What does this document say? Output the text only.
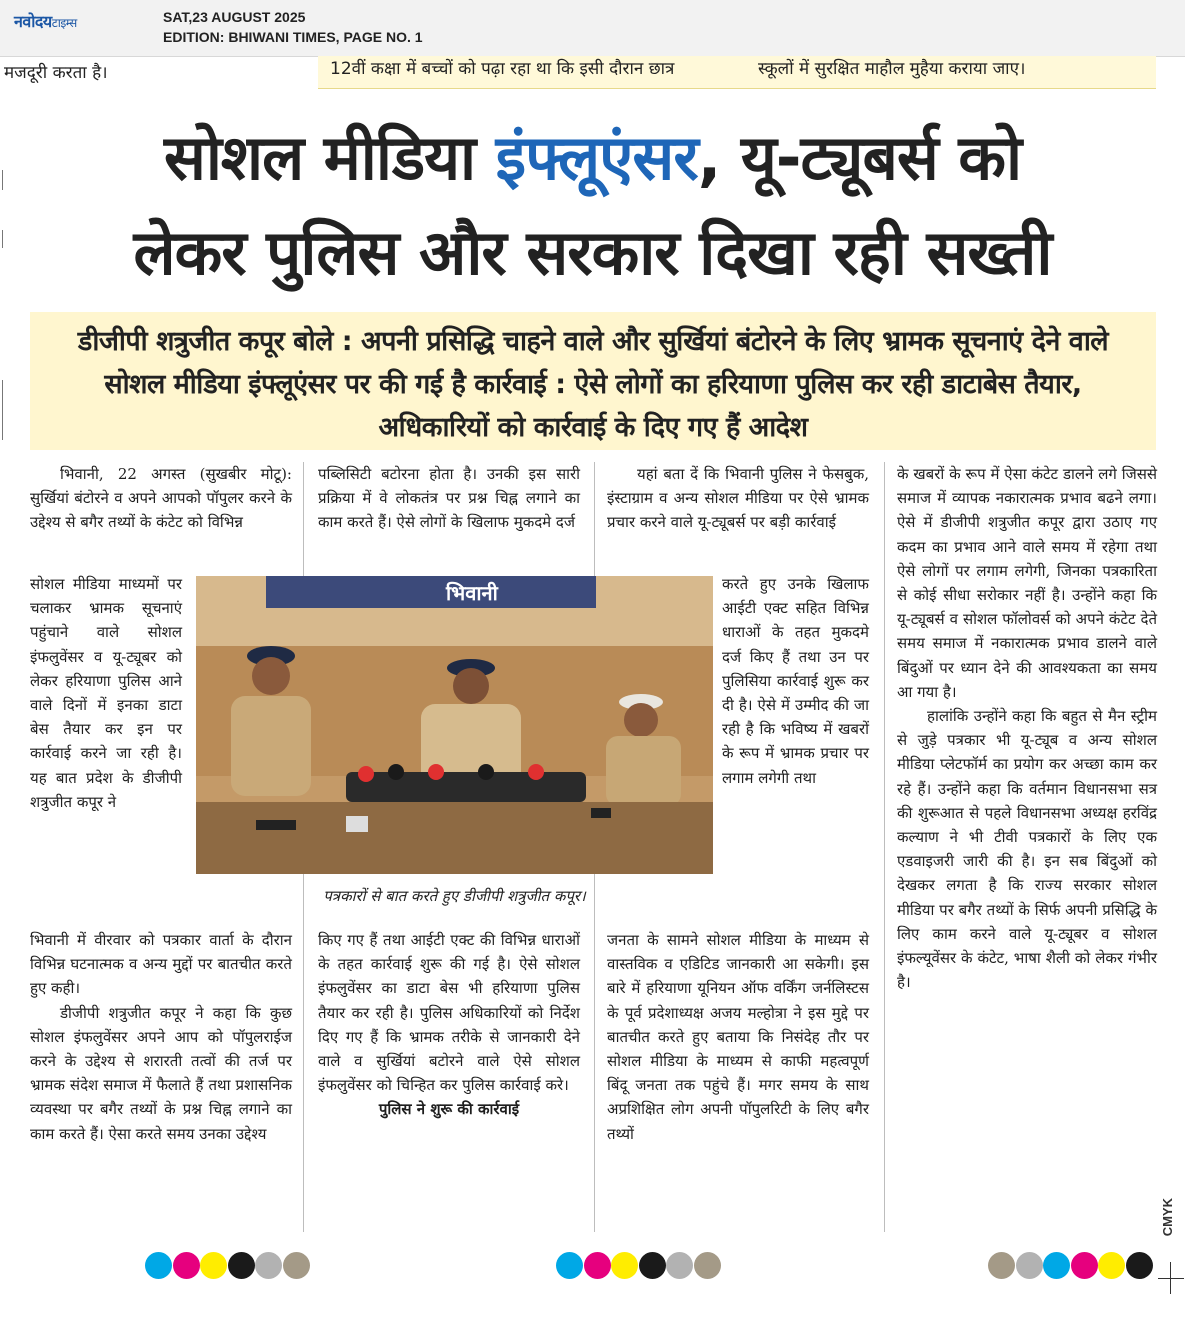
नवोदयटाइम्स	SAT,23 AUGUST 2025
EDITION: BHIWANI TIMES, PAGE NO. 1
मजदूरी करता है।	12वीं कक्षा में बच्चों को पढ़ा रहा था कि इसी दौरान छात्र	स्कूलों में सुरक्षित माहौल मुहैया कराया जाए।
सोशल मीडिया इंफ्लूएंसर, यू-ट्यूबर्स को
लेकर पुलिस और सरकार दिखा रही सख्ती

डीजीपी शत्रुजीत कपूर बोले : अपनी प्रसिद्धि चाहने वाले और सुर्खियां बंटोरने के लिए भ्रामक सूचनाएं देने वाले सोशल मीडिया इंफ्लूएंसर पर की गई है कार्रवाई : ऐसे लोगों का हरियाणा पुलिस कर रही डाटाबेस तैयार, अधिकारियों को कार्रवाई के दिए गए हैं आदेश

भिवानी, 22 अगस्त (सुखबीर मोटू): सुर्खियां बंटोरने व अपने आपको पॉपुलर करने के उद्देश्य से बगैर तथ्यों के कंटेट को विभिन्न

सोशल मीडिया माध्यमों पर चलाकर भ्रामक सूचनाएं पहुंचाने वाले सोशल इंफलुवेंसर व यू-ट्यूबर को लेकर हरियाणा पुलिस आने वाले दिनों में इनका डाटा बेस तैयार कर इन पर कार्रवाई करने जा रही है। यह बात प्रदेश के डीजीपी शत्रुजीत कपूर ने

भिवानी में वीरवार को पत्रकार वार्ता के दौरान विभिन्न घटनात्मक व अन्य मुद्दों पर बातचीत करते हुए कही।

डीजीपी शत्रुजीत कपूर ने कहा कि कुछ सोशल इंफलुवेंसर अपने आप को पॉपुलराईज करने के उद्देश्य से शरारती तत्वों की तर्ज पर भ्रामक संदेश समाज में फैलाते हैं तथा प्रशासनिक व्यवस्था पर बगैर तथ्यों के प्रश्न चिह्न लगाने का काम करते हैं। ऐसा करते समय उनका उद्देश्य

पब्लिसिटी बटोरना होता है। उनकी इस सारी प्रक्रिया में वे लोकतंत्र पर प्रश्न चिह्न लगाने का काम करते हैं। ऐसे लोगों के खिलाफ मुकदमे दर्ज

किए गए हैं तथा आईटी एक्ट की विभिन्न धाराओं के तहत कार्रवाई शुरू की गई है। ऐसे सोशल इंफलुवेंसर का डाटा बेस भी हरियाणा पुलिस तैयार कर रही है। पुलिस अधिकारियों को निर्देश दिए गए हैं कि भ्रामक तरीके से जानकारी देने वाले व सुर्खियां बटोरने वाले ऐसे सोशल इंफलुवेंसर को चिन्हित कर पुलिस कार्रवाई करे।

पुलिस ने शुरू की कार्रवाई

यहां बता दें कि भिवानी पुलिस ने फेसबुक, इंस्टाग्राम व अन्य सोशल मीडिया पर ऐसे भ्रामक प्रचार करने वाले यू-ट्यूबर्स पर बड़ी कार्रवाई

करते हुए उनके खिलाफ आईटी एक्ट सहित विभिन्न धाराओं के तहत मुकदमे दर्ज किए हैं तथा उन पर पुलिसिया कार्रवाई शुरू कर दी है। ऐसे में उम्मीद की जा रही है कि भविष्य में खबरों के रूप में भ्रामक प्रचार पर लगाम लगेगी तथा

जनता के सामने सोशल मीडिया के माध्यम से वास्तविक व एडिटिड जानकारी आ सकेगी। इस बारे में हरियाणा यूनियन ऑफ वर्किंग जर्नलिस्टस के पूर्व प्रदेशाध्यक्ष अजय मल्होत्रा ने इस मुद्दे पर बातचीत करते हुए बताया कि निसंदेह तौर पर सोशल मीडिया के माध्यम से काफी महत्वपूर्ण बिंदू जनता तक पहुंचे हैं। मगर समय के साथ अप्रशिक्षित लोग अपनी पॉपुलरिटी के लिए बगैर तथ्यों

के खबरों के रूप में ऐसा कंटेट डालने लगे जिससे समाज में व्यापक नकारात्मक प्रभाव बढने लगा। ऐसे में डीजीपी शत्रुजीत कपूर द्वारा उठाए गए कदम का प्रभाव आने वाले समय में रहेगा तथा ऐसे लोगों पर लगाम लगेगी, जिनका पत्रकारिता से कोई सीधा सरोकार नहीं है। उन्होंने कहा कि यू-ट्यूबर्स व सोशल फॉलोवर्स को अपने कंटेट देते समय समाज में नकारात्मक प्रभाव डालने वाले बिंदुओं पर ध्यान देने की आवश्यकता का समय आ गया है।

हालांकि उन्होंने कहा कि बहुत से मैन स्ट्रीम से जुड़े पत्रकार भी यू-ट्यूब व अन्य सोशल मीडिया प्लेटफॉर्म का प्रयोग कर अच्छा काम कर रहे हैं। उन्होंने कहा कि वर्तमान विधानसभा सत्र की शुरूआत से पहले विधानसभा अध्यक्ष हरविंद्र कल्याण ने भी टीवी पत्रकारों के लिए एक एडवाइजरी जारी की है। इन सब बिंदुओं को देखकर लगता है कि राज्य सरकार सोशल मीडिया पर बगैर तथ्यों के सिर्फ अपनी प्रसिद्धि के लिए काम करने वाले यू-ट्यूबर व सोशल इंफल्यूवेंसर के कंटेट, भाषा शैली को लेकर गंभीर है।

भिवानी
पत्रकारों से बात करते हुए डीजीपी शत्रुजीत कपूर।
CMYK
